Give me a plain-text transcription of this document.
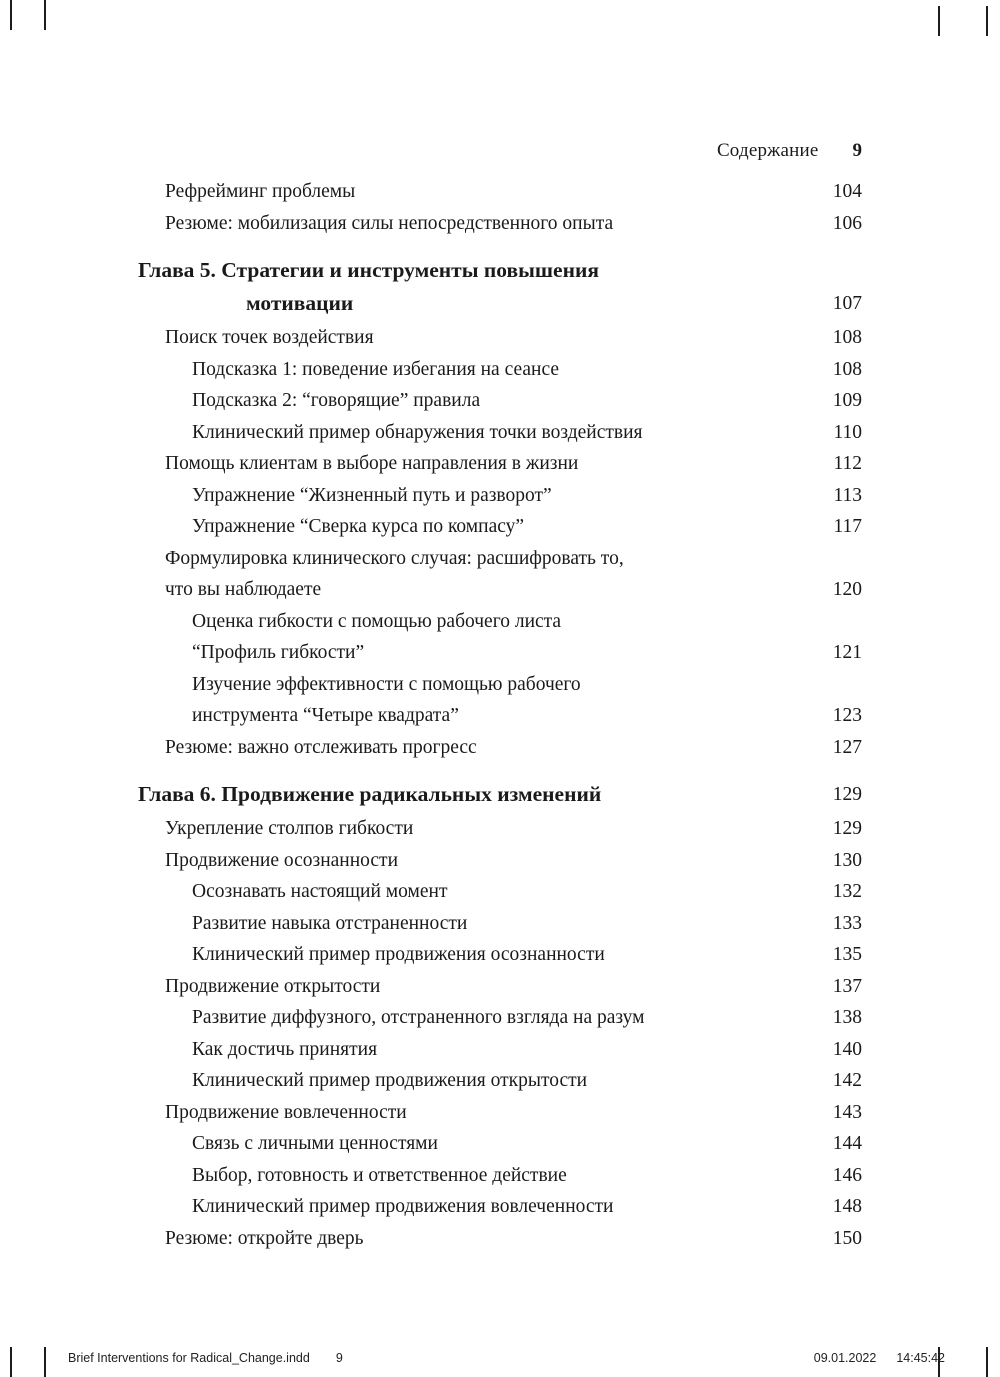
Содержание 9
Рефрейминг проблемы	104
Резюме: мобилизация силы непосредственного опыта	106
Глава 5. Стратегии и инструменты повышения
мотивации	107
Поиск точек воздействия	108
Подсказка 1: поведение избегания на сеансе	108
Подсказка 2: “говорящие” правила	109
Клинический пример обнаружения точки воздействия	110
Помощь клиентам в выборе направления в жизни	112
Упражнение “Жизненный путь и разворот”	113
Упражнение “Сверка курса по компасу”	117
Формулировка клинического случая: расшифровать то,
что вы наблюдаете	120
Оценка гибкости с помощью рабочего листа
“Профиль гибкости”	121
Изучение эффективности с помощью рабочего
инструмента “Четыре квадрата”	123
Резюме: важно отслеживать прогресс	127
Глава 6. Продвижение радикальных изменений	129
Укрепление столпов гибкости	129
Продвижение осознанности	130
Осознавать настоящий момент	132
Развитие навыка отстраненности	133
Клинический пример продвижения осознанности	135
Продвижение открытости	137
Развитие диффузного, отстраненного взгляда на разум	138
Как достичь принятия	140
Клинический пример продвижения открытости	142
Продвижение вовлеченности	143
Связь с личными ценностями	144
Выбор, готовность и ответственное действие	146
Клинический пример продвижения вовлеченности	148
Резюме: откройте дверь	150
Brief Interventions for Radical_Change.indd 9	09.01.2022 14:45:42
